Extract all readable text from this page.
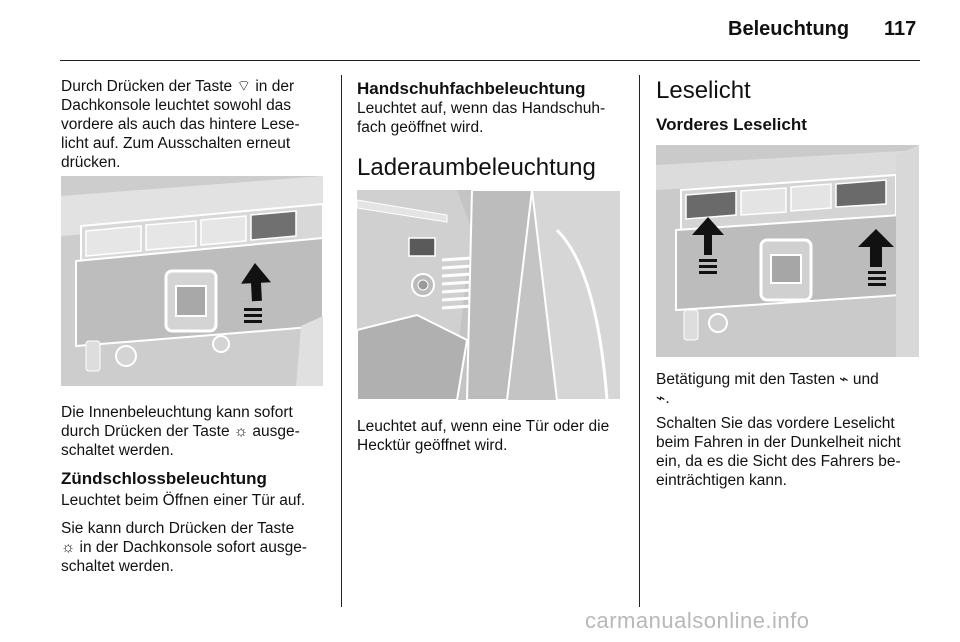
Beleuchtung 117

Durch Drücken der Taste ⌔ in der

Dachkonsole leuchtet sowohl das

vordere als auch das hintere Lese-

licht auf. Zum Ausschalten erneut

drücken.

Die Innenbeleuchtung kann sofort

durch Drücken der Taste ☼ ausge-

schaltet werden.

Zündschlossbeleuchtung

Leuchtet beim Öffnen einer Tür auf.

Sie kann durch Drücken der Taste

☼ in der Dachkonsole sofort ausge-

schaltet werden.

Handschuhfachbeleuchtung

Leuchtet auf, wenn das Handschuh-

fach geöffnet wird.

Laderaumbeleuchtung

Leuchtet auf, wenn eine Tür oder die

Hecktür geöffnet wird.

Leselicht

Vorderes Leselicht

Betätigung mit den Tasten ⌁ und

⌁.

Schalten Sie das vordere Leselicht

beim Fahren in der Dunkelheit nicht

ein, da es die Sicht des Fahrers be-

einträchtigen kann.

carmanualsonline.info
